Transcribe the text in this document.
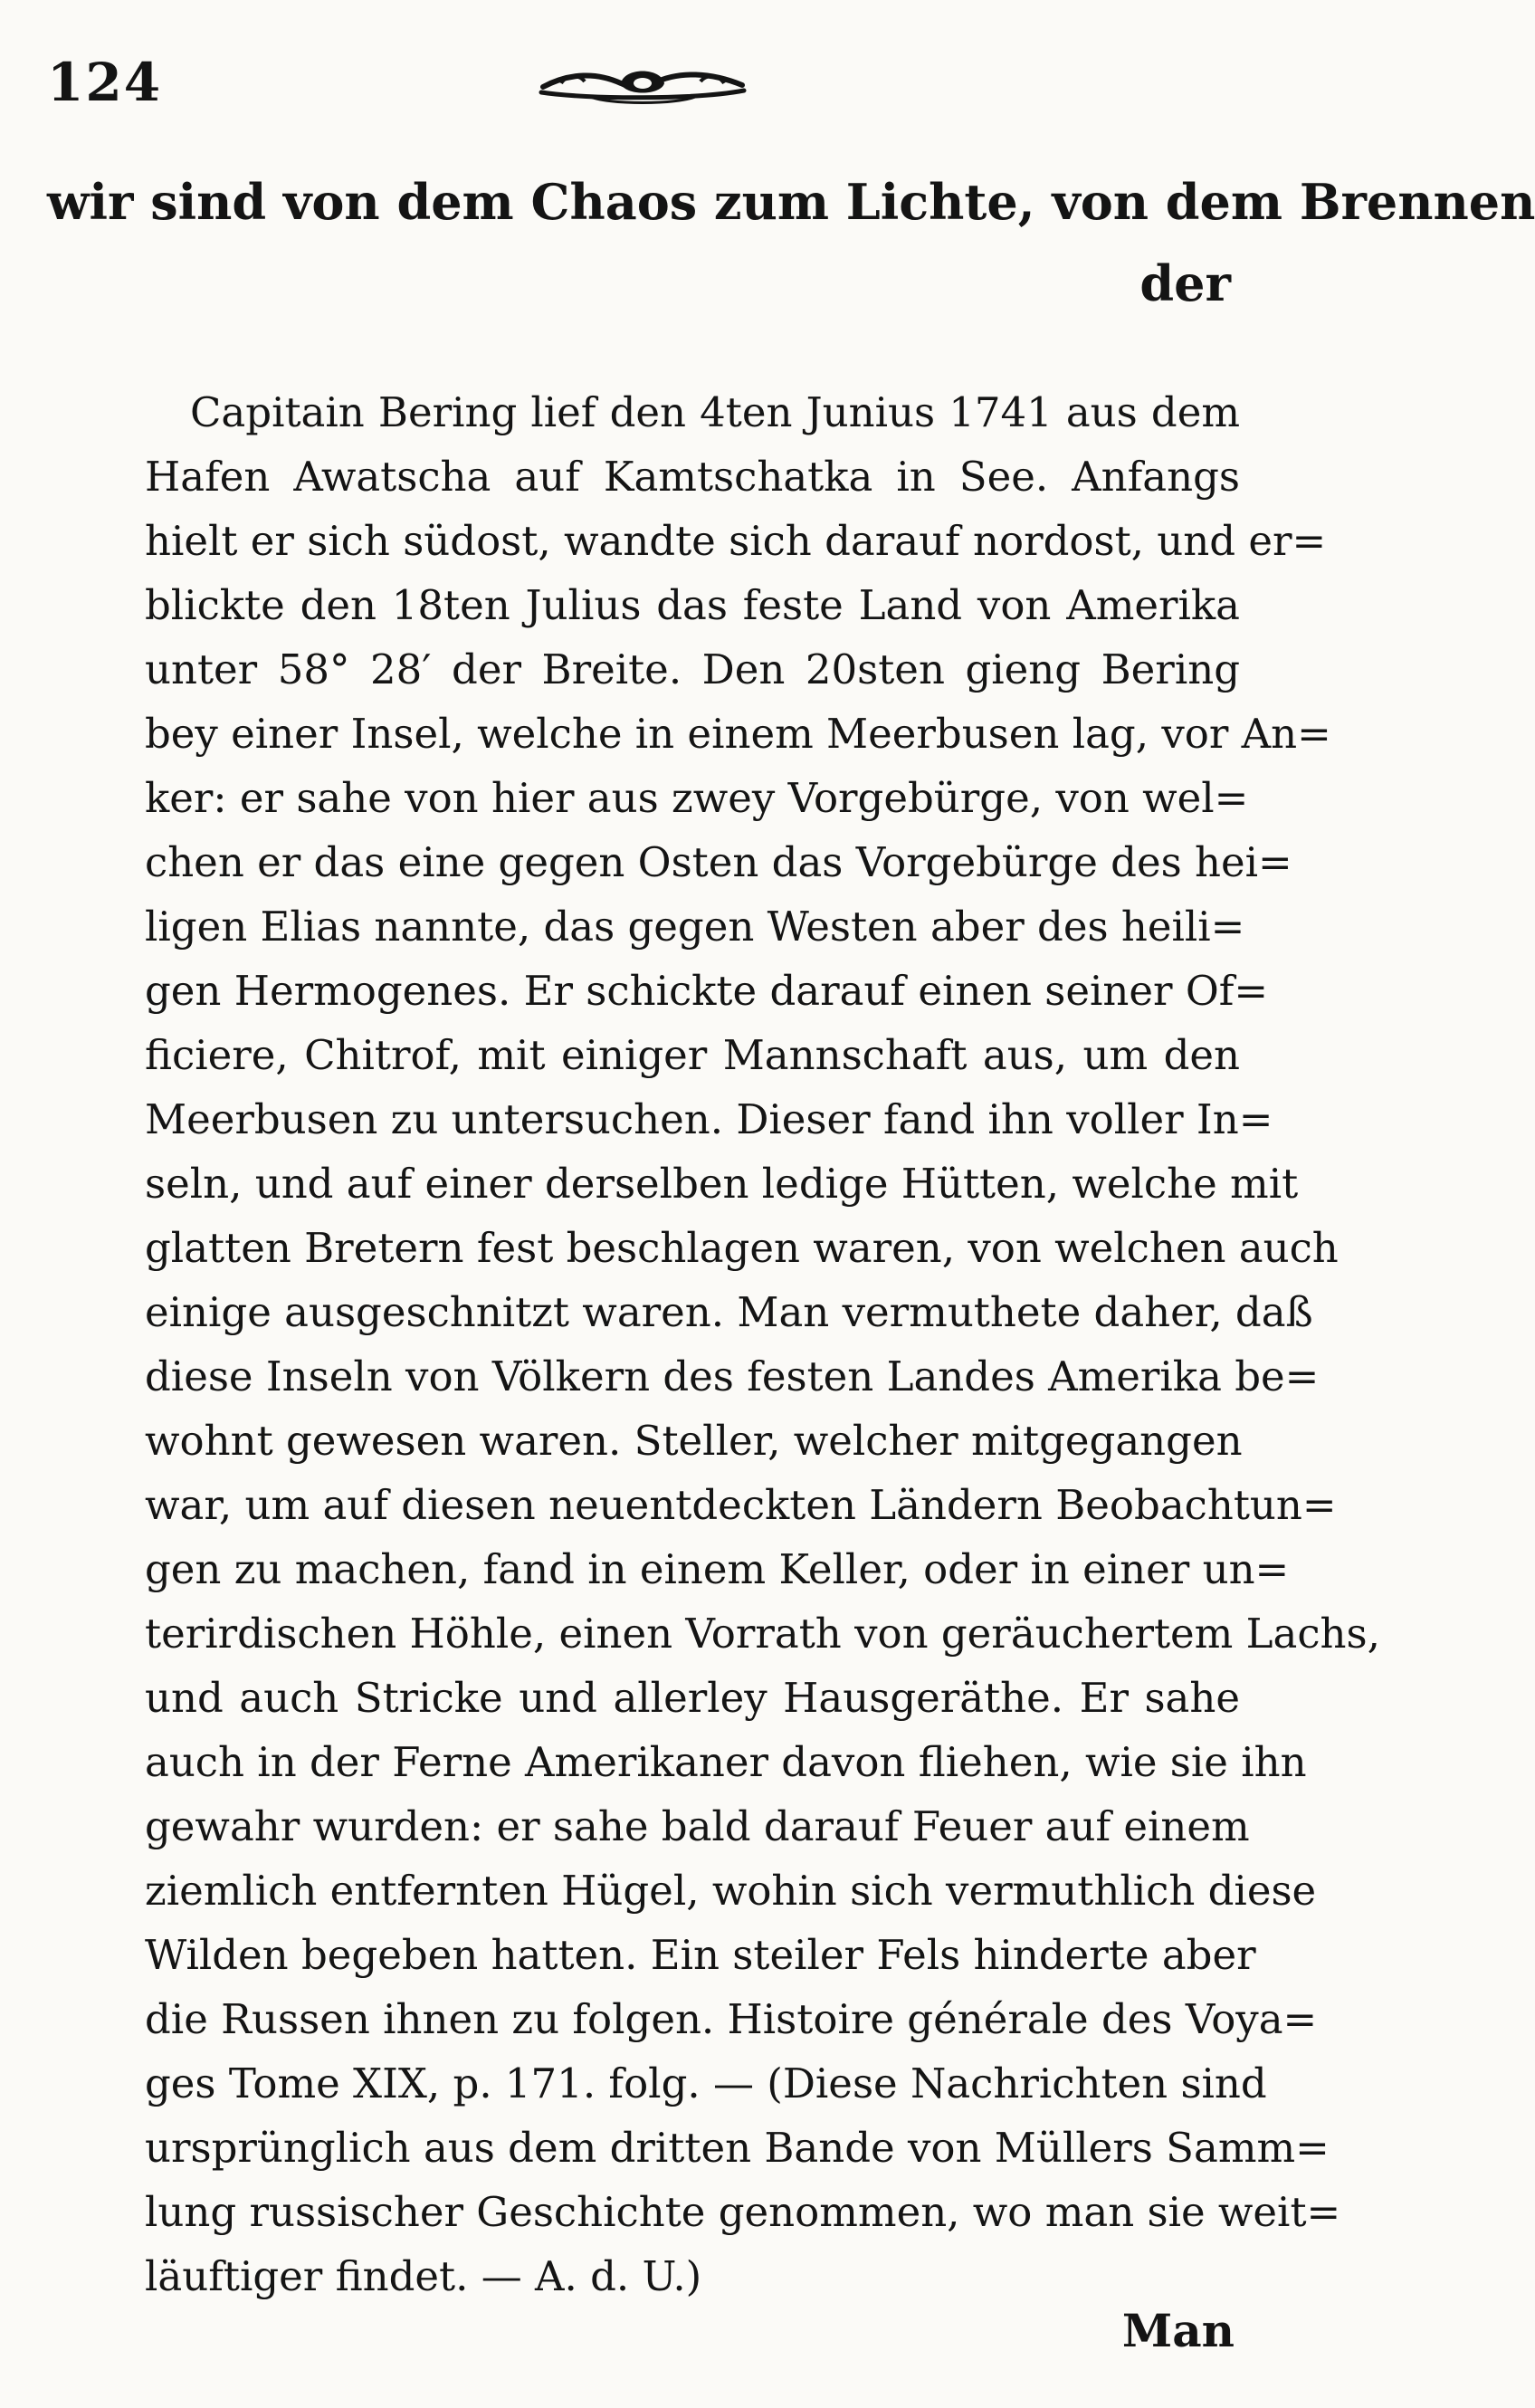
124
wir sind von dem Chaos zum Lichte, von dem Brennen
der
Capitain Bering lief den 4ten Junius 1741 aus dem
Hafen Awatscha auf Kamtschatka in See. Anfangs
hielt er sich südost, wandte sich darauf nordost, und er=
blickte den 18ten Julius das feste Land von Amerika
unter 58° 28′ der Breite. Den 20sten gieng Bering
bey einer Insel, welche in einem Meerbusen lag, vor An=
ker: er sahe von hier aus zwey Vorgebürge, von wel=
chen er das eine gegen Osten das Vorgebürge des hei=
ligen Elias nannte, das gegen Westen aber des heili=
gen Hermogenes. Er schickte darauf einen seiner Of=
ficiere, Chitrof, mit einiger Mannschaft aus, um den
Meerbusen zu untersuchen. Dieser fand ihn voller In=
seln, und auf einer derselben ledige Hütten, welche mit
glatten Bretern fest beschlagen waren, von welchen auch
einige ausgeschnitzt waren. Man vermuthete daher, daß
diese Inseln von Völkern des festen Landes Amerika be=
wohnt gewesen waren. Steller, welcher mitgegangen
war, um auf diesen neuentdeckten Ländern Beobachtun=
gen zu machen, fand in einem Keller, oder in einer un=
terirdischen Höhle, einen Vorrath von geräuchertem Lachs,
und auch Stricke und allerley Hausgeräthe. Er sahe
auch in der Ferne Amerikaner davon fliehen, wie sie ihn
gewahr wurden: er sahe bald darauf Feuer auf einem
ziemlich entfernten Hügel, wohin sich vermuthlich diese
Wilden begeben hatten. Ein steiler Fels hinderte aber
die Russen ihnen zu folgen. Histoire générale des Voya=
ges Tome XIX, p. 171. folg. — (Diese Nachrichten sind
ursprünglich aus dem dritten Bande von Müllers Samm=
lung russischer Geschichte genommen, wo man sie weit=
läuftiger findet. — A. d. U.)
Man
